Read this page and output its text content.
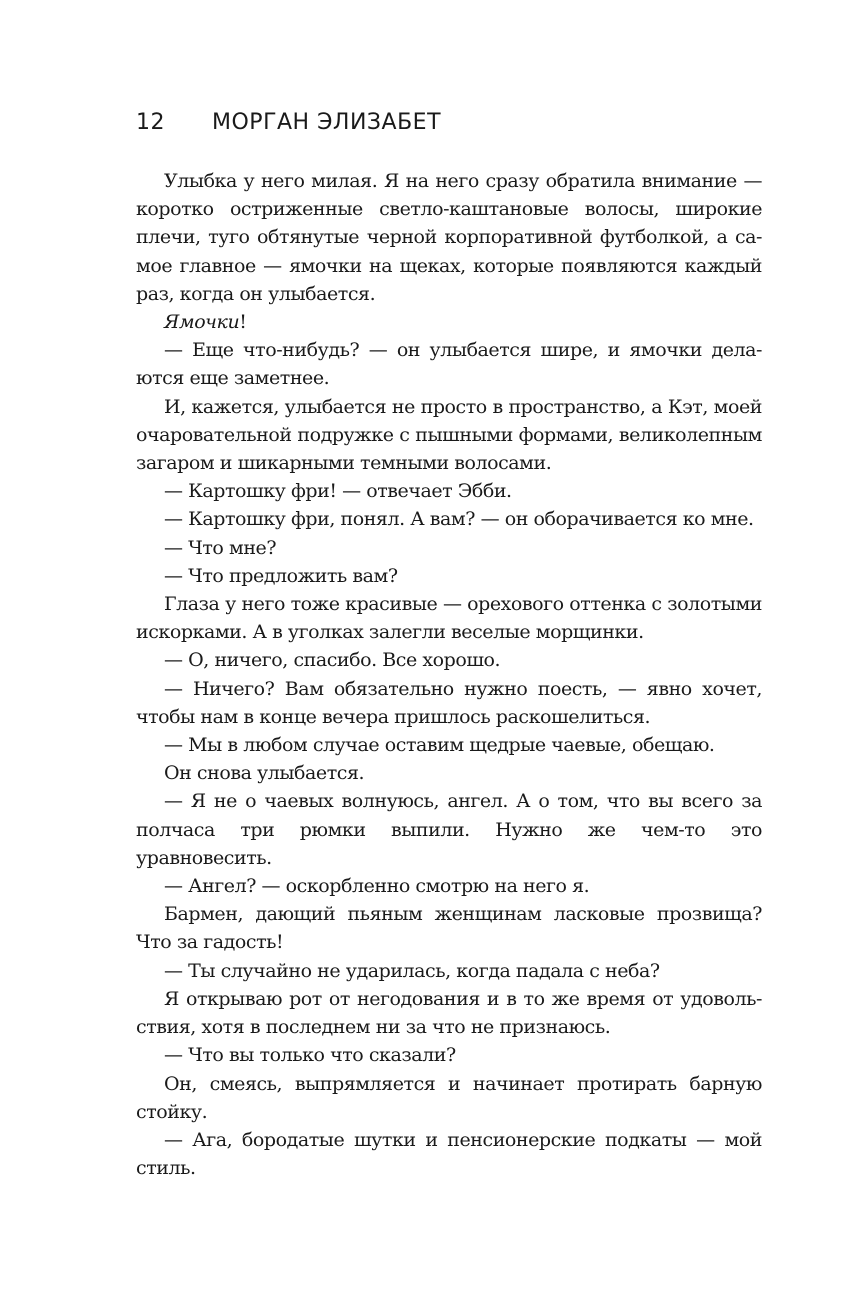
12 МОРГАН ЭЛИЗАБЕТ

Улыбка у него милая. Я на него сразу обратила внимание — коротко остриженные светло-каштановые волосы, широкие плечи, туго обтянутые черной корпоративной футболкой, а са- мое главное — ямочки на щеках, которые появляются каждый раз, когда он улыбается.

Ямочки!

— Еще что-нибудь? — он улыбается шире, и ямочки дела- ются еще заметнее.

И, кажется, улыбается не просто в пространство, а Кэт, моей очаровательной подружке с пышными формами, великолепным загаром и шикарными темными волосами.

— Картошку фри! — отвечает Эбби.

— Картошку фри, понял. А вам? — он оборачивается ко мне.

— Что мне?

— Что предложить вам?

Глаза у него тоже красивые — орехового оттенка с золотыми искорками. А в уголках залегли веселые морщинки.

— О, ничего, спасибо. Все хорошо.

— Ничего? Вам обязательно нужно поесть, — явно хочет, чтобы нам в конце вечера пришлось раскошелиться.

— Мы в любом случае оставим щедрые чаевые, обещаю.

Он снова улыбается.

— Я не о чаевых волнуюсь, ангел. А о том, что вы всего за полчаса три рюмки выпили. Нужно же чем-то это уравновесить.

— Ангел? — оскорбленно смотрю на него я.

Бармен, дающий пьяным женщинам ласковые прозвища? Что за гадость!

— Ты случайно не ударилась, когда падала с неба?

Я открываю рот от негодования и в то же время от удоволь- ствия, хотя в последнем ни за что не признаюсь.

— Что вы только что сказали?

Он, смеясь, выпрямляется и начинает протирать барную стойку.

— Ага, бородатые шутки и пенсионерские подкаты — мой стиль.
